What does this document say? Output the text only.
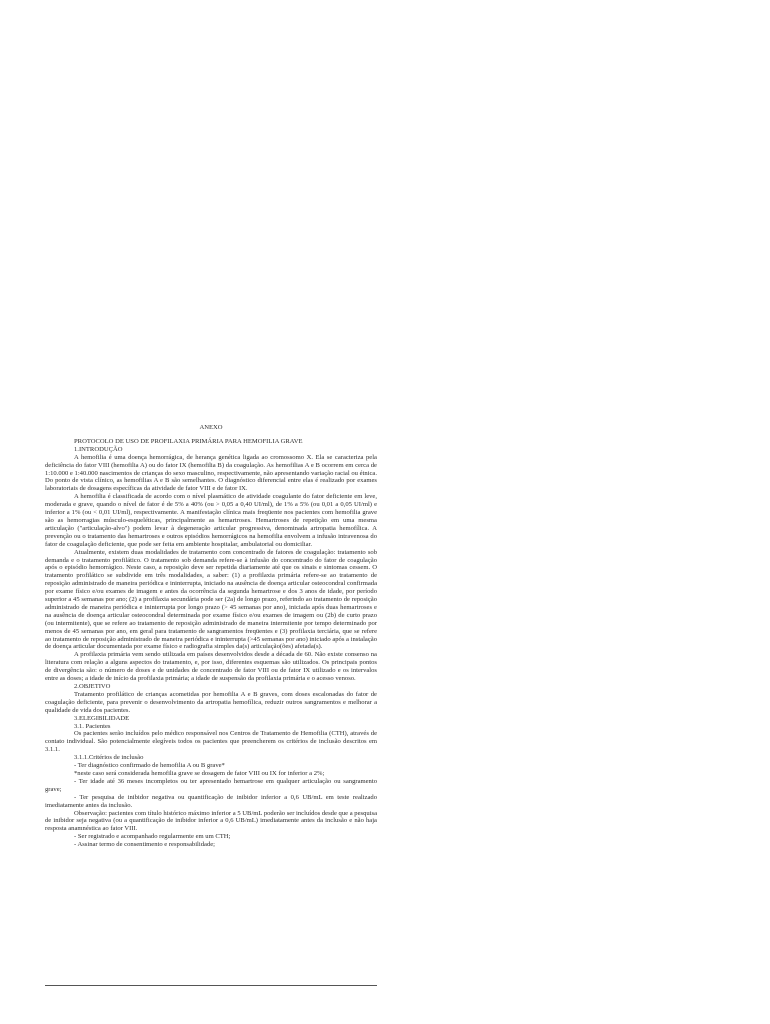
ANEXO

PROTOCOLO DE USO DE PROFILAXIA PRIMÁRIA PARA HEMOFILIA GRAVE

1.INTRODUÇÃO

A hemofilia é uma doença hemorrágica, de herança genética ligada ao cromossomo X. Ela se caracteriza pela deficiência do fator VIII (hemofilia A) ou do fator IX (hemofilia B) da coagulação. As hemofilias A e B ocorrem em cerca de 1:10.000 e 1:40.000 nascimentos de crianças do sexo masculino, respectivamente, não apresentando variação racial ou étnica. Do ponto de vista clínico, as hemofilias A e B são semelhantes. O diagnóstico diferencial entre elas é realizado por exames laboratoriais de dosagens específicas da atividade de fator VIII e de fator IX.

A hemofilia é classificada de acordo com o nível plasmático de atividade coagulante do fator deficiente em leve, moderada e grave, quando o nível de fator é de 5% a 40% (ou > 0,05 a 0,40 UI/ml), de 1% a 5% (ou 0,01 a 0,05 UI/ml) e inferior a 1% (ou < 0,01 UI/ml), respectivamente. A manifestação clínica mais freqüente nos pacientes com hemofilia grave são as hemorragias músculo-esqueléticas, principalmente as hemartroses. Hemartroses de repetição em uma mesma articulação ("articulação-alvo") podem levar à degeneração articular progressiva, denominada artropatia hemofílica. A prevenção ou o tratamento das hemartroses e outros episódios hemorrágicos na hemofilia envolvem a infusão intravenosa do fator de coagulação deficiente, que pode ser feita em ambiente hospitalar, ambulatorial ou domiciliar.

Atualmente, existem duas modalidades de tratamento com concentrado de fatores de coagulação: tratamento sob demanda e o tratamento profilático. O tratamento sob demanda refere-se à infusão do concentrado do fator de coagulação após o episódio hemorrágico. Neste caso, a reposição deve ser repetida diariamente até que os sinais e sintomas cessem. O tratamento profilático se subdivide em três modalidades, a saber: (1) a profilaxia primária refere-se ao tratamento de reposição administrado de maneira periódica e ininterrupta, iniciado na ausência de doença articular osteocondral confirmada por exame físico e/ou exames de imagem e antes da ocorrência da segunda hemartrose e dos 3 anos de idade, por período superior a 45 semanas por ano; (2) a profilaxia secundária pode ser (2a) de longo prazo, referindo ao tratamento de reposição administrado de maneira periódica e ininterrupta por longo prazo (> 45 semanas por ano), iniciada após duas hemartroses e na ausência de doença articular osteocondral determinada por exame físico e/ou exames de imagem ou (2b) de curto prazo (ou intermitente), que se refere ao tratamento de reposição administrado de maneira intermitente por tempo determinado por menos de 45 semanas por ano, em geral para tratamento de sangramentos freqüentes e (3) profilaxia terciária, que se refere ao tratamento de reposição administrado de maneira periódica e ininterrupta (>45 semanas por ano) iniciado após a instalação de doença articular documentada por exame físico e radiografia simples da(s) articulação(ões) afetada(s).

A profilaxia primária vem sendo utilizada em países desenvolvidos desde a década de 60. Não existe consenso na literatura com relação a alguns aspectos do tratamento, e, por isso, diferentes esquemas são utilizados. Os principais pontos de divergência são: o número de doses e de unidades de concentrado de fator VIII ou de fator IX utilizado e os intervalos entre as doses; a idade de início da profilaxia primária; a idade de suspensão da profilaxia primária e o acesso venoso.

2.OBJETIVO

Tratamento profilático de crianças acometidas por hemofilia A e B graves, com doses escalonadas do fator de coagulação deficiente, para prevenir o desenvolvimento da artropatia hemofílica, reduzir outros sangramentos e melhorar a qualidade de vida dos pacientes.

3.ELEGIBILIDADE

3.1. Pacientes

Os pacientes serão incluídos pelo médico responsável nos Centros de Tratamento de Hemofilia (CTH), através de contato individual. São potencialmente elegíveis todos os pacientes que preencherem os critérios de inclusão descritos em 3.1.1.

3.1.1.Critérios de inclusão

- Ter diagnóstico confirmado de hemofilia A ou B grave*

*neste caso será considerada hemofilia grave se dosagem de fator VIII ou IX for inferior a 2%;

- Ter idade até 36 meses incompletos ou ter apresentado hemartrose em qualquer articulação ou sangramento grave;

- Ter pesquisa de inibidor negativa ou quantificação de inibidor inferior a 0,6 UB/mL em teste realizado imediatamente antes da inclusão.

Observação: pacientes com título histórico máximo inferior a 5 UB/mL poderão ser incluídos desde que a pesquisa de inibidor seja negativa (ou a quantificação de inibidor inferior a 0,6 UB/mL) imediatamente antes da inclusão e não haja resposta anamnéstica ao fator VIII.

- Ser registrado e acompanhado regularmente em um CTH;

- Assinar termo de consentimento e responsabilidade;
